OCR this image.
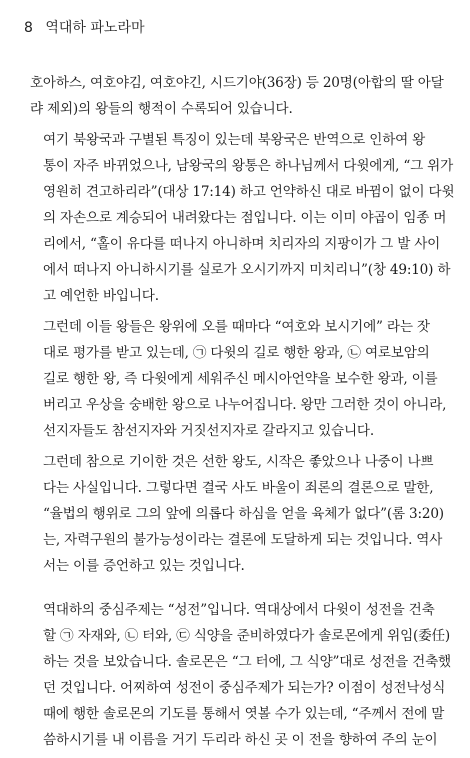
8 역대하 파노라마

호아하스, 여호야김, 여호야긴, 시드기야(36장) 등 20명(아합의 딸 아달
랴 제외)의 왕들의 행적이 수록되어 있습니다.

여기 북왕국과 구별된 특징이 있는데 북왕국은 반역으로 인하여 왕
통이 자주 바뀌었으나, 남왕국의 왕통은 하나님께서 다윗에게, “그 위가
영원히 견고하리라”(대상 17:14) 하고 언약하신 대로 바뀜이 없이 다윗
의 자손으로 계승되어 내려왔다는 점입니다. 이는 이미 야곱이 임종 머
리에서, “홀이 유다를 떠나지 아니하며 치리자의 지팡이가 그 발 사이
에서 떠나지 아니하시기를 실로가 오시기까지 미치리니”(창 49:10) 하
고 예언한 바입니다.

그런데 이들 왕들은 왕위에 오를 때마다 “여호와 보시기에” 라는 잣
대로 평가를 받고 있는데, ㉠ 다윗의 길로 행한 왕과, ㉡ 여로보암의
길로 행한 왕, 즉 다윗에게 세워주신 메시아언약을 보수한 왕과, 이를
버리고 우상을 숭배한 왕으로 나누어집니다. 왕만 그러한 것이 아니라,
선지자들도 참선지자와 거짓선지자로 갈라지고 있습니다.

그런데 참으로 기이한 것은 선한 왕도, 시작은 좋았으나 나중이 나쁘
다는 사실입니다. 그렇다면 결국 사도 바울이 죄론의 결론으로 말한,
“율법의 행위로 그의 앞에 의롭다 하심을 얻을 육체가 없다”(롬 3:20)
는, 자력구원의 불가능성이라는 결론에 도달하게 되는 것입니다. 역사
서는 이를 증언하고 있는 것입니다.

역대하의 중심주제는 “성전”입니다. 역대상에서 다윗이 성전을 건축
할 ㉠ 자재와, ㉡ 터와, ㉢ 식양을 준비하였다가 솔로몬에게 위임(委任)
하는 것을 보았습니다. 솔로몬은 “그 터에, 그 식양”대로 성전을 건축했
던 것입니다. 어찌하여 성전이 중심주제가 되는가? 이점이 성전낙성식
때에 행한 솔로몬의 기도를 통해서 엿볼 수가 있는데, “주께서 전에 말
씀하시기를 내 이름을 거기 두리라 하신 곳 이 전을 향하여 주의 눈이
